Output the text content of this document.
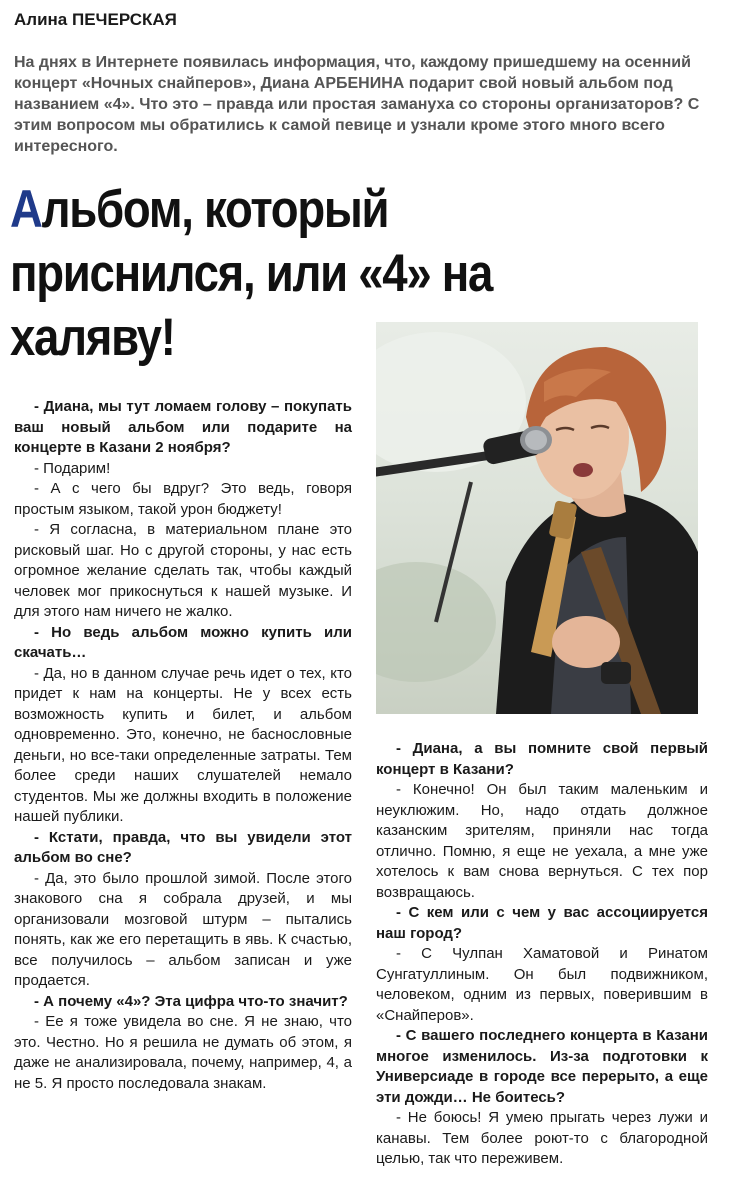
Алина ПЕЧЕРСКАЯ
На днях в Интернете появилась информация, что, каждому пришедшему на осенний концерт «Ночных снайперов», Диана АРБЕНИНА подарит свой новый альбом под названием «4». Что это – правда или простая замануха со стороны организаторов? С этим вопросом мы обратились к самой певице и узнали кроме этого много всего интересного.
Альбом, который приснился, или «4» на халяву!

- Диана, мы тут ломаем голову – покупать ваш новый альбом или подарите на концерте в Казани 2 ноября?

- Подарим!

- А с чего бы вдруг? Это ведь, говоря простым языком, такой урон бюджету!

- Я согласна, в материальном плане это рисковый шаг. Но с другой стороны, у нас есть огромное желание сделать так, чтобы каждый человек мог прикоснуться к нашей музыке. И для этого нам ничего не жалко.

- Но ведь альбом можно купить или скачать…

- Да, но в данном случае речь идет о тех, кто придет к нам на концерты. Не у всех есть возможность купить и билет, и альбом одновременно. Это, конечно, не баснословные деньги, но все-таки определенные затраты. Тем более среди наших слушателей немало студентов. Мы же должны входить в положение нашей публики.

- Кстати, правда, что вы увидели этот альбом во сне?

- Да, это было прошлой зимой. После этого знакового сна я собрала друзей, и мы организовали мозговой штурм – пытались понять, как же его перетащить в явь. К счастью, все получилось – альбом записан и уже продается.

- А почему «4»? Эта цифра что-то значит?

- Ее я тоже увидела во сне. Я не знаю, что это. Честно. Но я решила не думать об этом, я даже не анализировала, почему, например, 4, а не 5. Я просто последовала знакам.

- Диана, а вы помните свой первый концерт в Казани?

- Конечно! Он был таким маленьким и неуклюжим. Но, надо отдать должное казанским зрителям, приняли нас тогда отлично. Помню, я еще не уехала, а мне уже хотелось к вам снова вернуться. С тех пор возвращаюсь.

- С кем или с чем у вас ассоциируется наш город?

- С Чулпан Хаматовой и Ринатом Сунгатуллиным. Он был подвижником, человеком, одним из первых, поверившим в «Снайперов».

- С вашего последнего концерта в Казани многое изменилось. Из-за подготовки к Универсиаде в городе все перерыто, а еще эти дожди… Не боитесь?

- Не боюсь! Я умею прыгать через лужи и канавы. Тем более роют-то с благородной целью, так что переживем.
